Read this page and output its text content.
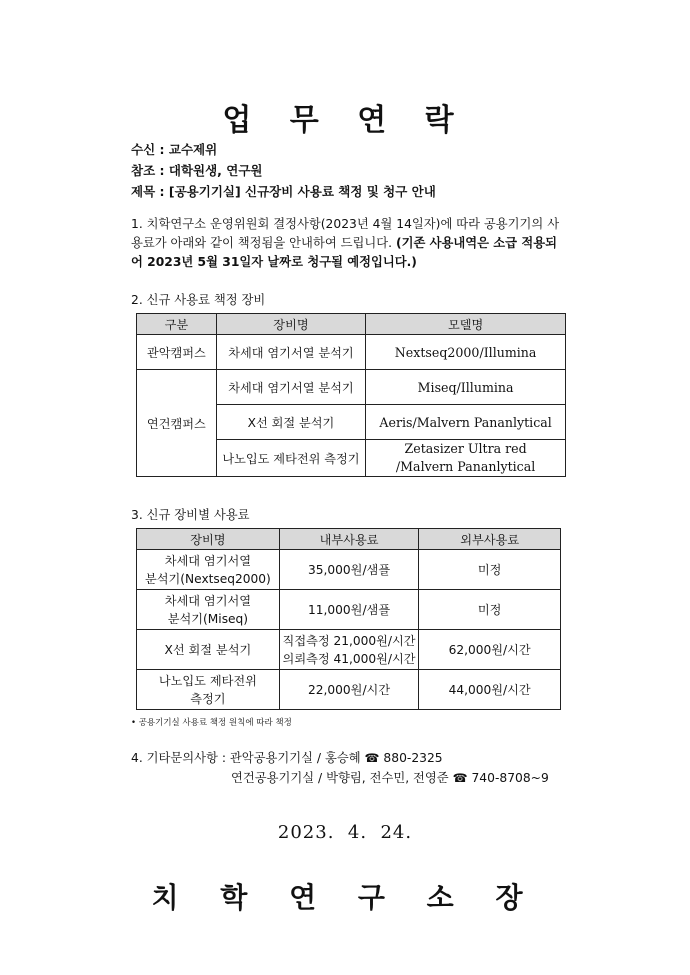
업 무 연 락
수신 : 교수제위
참조 : 대학원생, 연구원
제목 : [공용기기실] 신규장비 사용료 책정 및 청구 안내
1. 치학연구소 운영위원회 결정사항(2023년 4월 14일자)에 따라 공용기기의 사용료가 아래와 같이 책정됨을 안내하여 드립니다. (기존 사용내역은 소급 적용되어 2023년 5월 31일자 날짜로 청구될 예정입니다.)
2. 신규 사용료 책정 장비
구분	장비명	모델명
관악캠퍼스	차세대 염기서열 분석기	Nextseq2000/Illumina
연건캠퍼스	차세대 염기서열 분석기	Miseq/Illumina
	X선 회절 분석기	Aeris/Malvern Pananlytical
	나노입도 제타전위 측정기	Zetasizer Ultra red
/Malvern Pananlytical
3. 신규 장비별 사용료
장비명	내부사용료	외부사용료

차세대 염기서열
분석기(Nextseq2000)	35,000원/샘플	미정

차세대 염기서열
분석기(Miseq)	11,000원/샘플	미정
X선 회절 분석기	직접측정 21,000원/시간
의뢰측정 41,000원/시간	62,000원/시간

나노입도 제타전위
측정기	22,000원/시간	44,000원/시간
• 공용기기실 사용료 책정 원칙에 따라 책정
4. 기타문의사항 : 관악공용기기실 / 홍승혜 ☎ 880-2325
연건공용기기실 / 박향림, 전수민, 전영준 ☎ 740-8708~9
2023.  4.  24.
치 학 연 구 소 장
